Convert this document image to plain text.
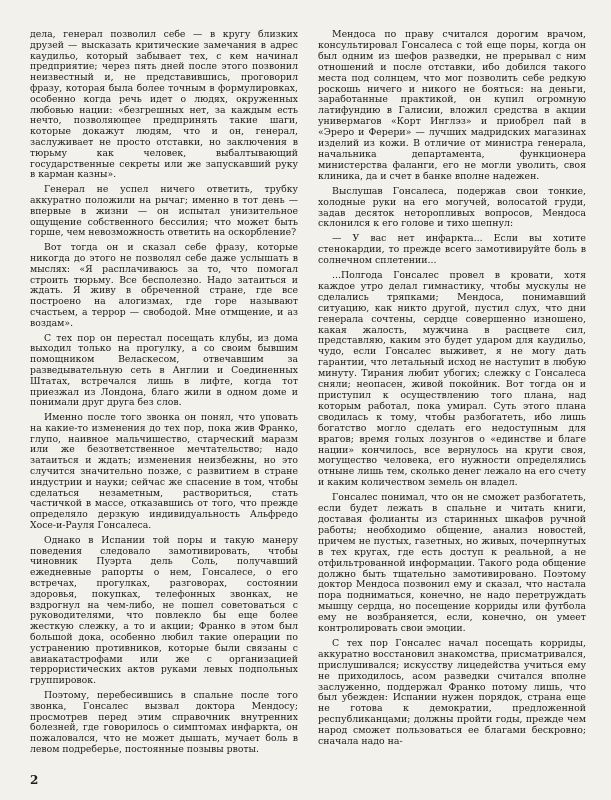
дела, генерал позволил себе — в кругу близких друзей — высказать критические замечания в адрес каудильо, который забывает тех, с кем начинал предприятие; через пять дней после этого позвонил неизвестный и, не представившись, проговорил фразу, которая была более точным в формулировках, особенно когда речь идет о людях, окруженных любовью нации: «безгрешных нет, за каждым есть нечто, позволяющее предпринять такие шаги, которые докажут людям, что и он, генерал, заслуживает не просто отставки, но заключения в тюрьму как человек, выбалтывающий государственные секреты или же запускавший руку в карман казны».

Генерал не успел ничего ответить, трубку аккуратно положили на рычаг; именно в тот день — впервые в жизни — он испытал унизительное ощущение собственного бессилия; что может быть горше, чем невозможность ответить на оскорбление?

Вот тогда он и сказал себе фразу, которые никогда до этого не позволял себе даже услышать в мыслях: «Я расплачиваюсь за то, что помогал строить тюрьму. Все бесполезно. Надо затаиться и ждать. Я живу в обреченной стране, где все построено на алогизмах, где горе называют счастьем, а террор — свободой. Мне отмщение, и аз воздам».

С тех пор он перестал посещать клубы, из дома выходил только на прогулку, а со своим бывшим помощником Веласкесом, отвечавшим за разведывательную сеть в Англии и Соединенных Штатах, встречался лишь в лифте, когда тот приезжал из Лондона, благо жили в одном доме и понимали друг друга без слов.

Именно после того звонка он понял, что уповать на какие-то изменения до тех пор, пока жив Франко, глупо, наивное мальчишество, старческий маразм или же безответственное мечтательство; надо затаиться и ждать; изменения неизбежны, но это случится значительно позже, с развитием в стране индустрии и науки; сейчас же спасение в том, чтобы сделаться незаметным, раствориться, стать частичкой в массе, отказавшись от того, что прежде определяло дерзкую индивидуальность Альфредо Хосе-и-Рауля Гонсалеса.

Однако в Испании той поры и такую манеру поведения следовало замотивировать, чтобы чиновник Пуэрта дель Соль, получавший ежедневные рапорты о нем, Гонсалесе, о его встречах, прогулках, разговорах, состоянии здоровья, покупках, телефонных звонках, не вздрогнул на чем-либо, не пошел советоваться с руководителями, что повлекло бы еще более жесткую слежку, а то и акции; Франко в этом был большой дока, особенно любил такие операции по устранению противников, которые были связаны с авиакатастрофами или же с организацией террористических актов руками левых подпольных группировок.

Поэтому, перебесившись в спальне после того звонка, Гонсалес вызвал доктора Мендосу; просмотрев перед этим справочник внутренних болезней, где говорилось о симптомах инфаркта, он пожаловался, что не может дышать, мучает боль в левом подреберье, постоянные позывы рвоты.

Мендоса по праву считался дорогим врачом, консультировал Гонсалеса с той еще поры, когда он был одним из шефов разведки, не прерывал с ним отношений и после отставки, ибо добился такого места под солнцем, что мог позволить себе редкую роскошь ничего и никого не бояться: на деньги, заработанные практикой, он купил огромную латифундию в Галисии, вложил средства в акции универмагов «Корт Инглэз» и приобрел пай в «Эреро и Ферери» — лучших мадридских магазинах изделий из кожи. В отличие от министра генерала, начальника департамента, функционера министерства фаланги, его не могли уволить, своя клиника, да и счет в банке вполне надежен.

Выслушав Гонсалеса, подержав свои тонкие, холодные руки на его могучей, волосатой груди, задав десяток неторопливых вопросов, Мендоса склонился к его голове и тихо шепнул:

— У вас нет инфаркта... Если вы хотите стенокардии, то прежде всего замотивируйте боль в солнечном сплетении...

...Полгода Гонсалес провел в кровати, хотя каждое утро делал гимнастику, чтобы мускулы не сделались тряпками; Мендоса, понимавший ситуацию, как никто другой, пустил слух, что дни генерала сочтены, сердце совершенно изношено, какая жалость, мужчина в расцвете сил, представляю, каким это будет ударом для каудильо, чудо, если Гонсалес выживет, я не могу дать гарантии, что летальный исход не наступит в любую минуту. Тирания любит убогих; слежку с Гонсалеса сняли; неопасен, живой покойник. Вот тогда он и приступил к осуществлению того плана, над которым работал, пока умирал. Суть этого плана сводилась к тому, чтобы разбогатеть, ибо лишь богатство могло сделать его недоступным для врагов; время голых лозунгов о «единстве и благе нации» кончилось, все вернулось на круги своя, могущество человека, его нужности определялись отныне лишь тем, сколько денег лежало на его счету и каким количеством земель он владел.

Гонсалес понимал, что он не сможет разбогатеть, если будет лежать в спальне и читать книги, доставая фолианты из старинных шкафов ручной работы; необходимо общение, анализ новостей, причем не пустых, газетных, но живых, почерпнутых в тех кругах, где есть доступ к реальной, а не отфильтрованной информации. Такого рода общение должно быть тщательно замотивировано. Поэтому доктор Мендоса позвонил ему и сказал, что настала пора подниматься, конечно, не надо перетруждать мышцу сердца, но посещение корриды или футбола ему не возбраняется, если, конечно, он умеет контролировать свои эмоции.

С тех пор Гонсалес начал посещать корриды, аккуратно восстановил знакомства, присматривался, прислушивался; искусству лицедейства учиться ему не приходилось, асом разведки считался вполне заслуженно, поддержал Франко потому лишь, что был убежден: Испании нужен порядок, страна еще не готова к демократии, предложенной республиканцами; должны пройти годы, прежде чем народ сможет пользоваться ее благами бескровно; сначала надо на-

2
